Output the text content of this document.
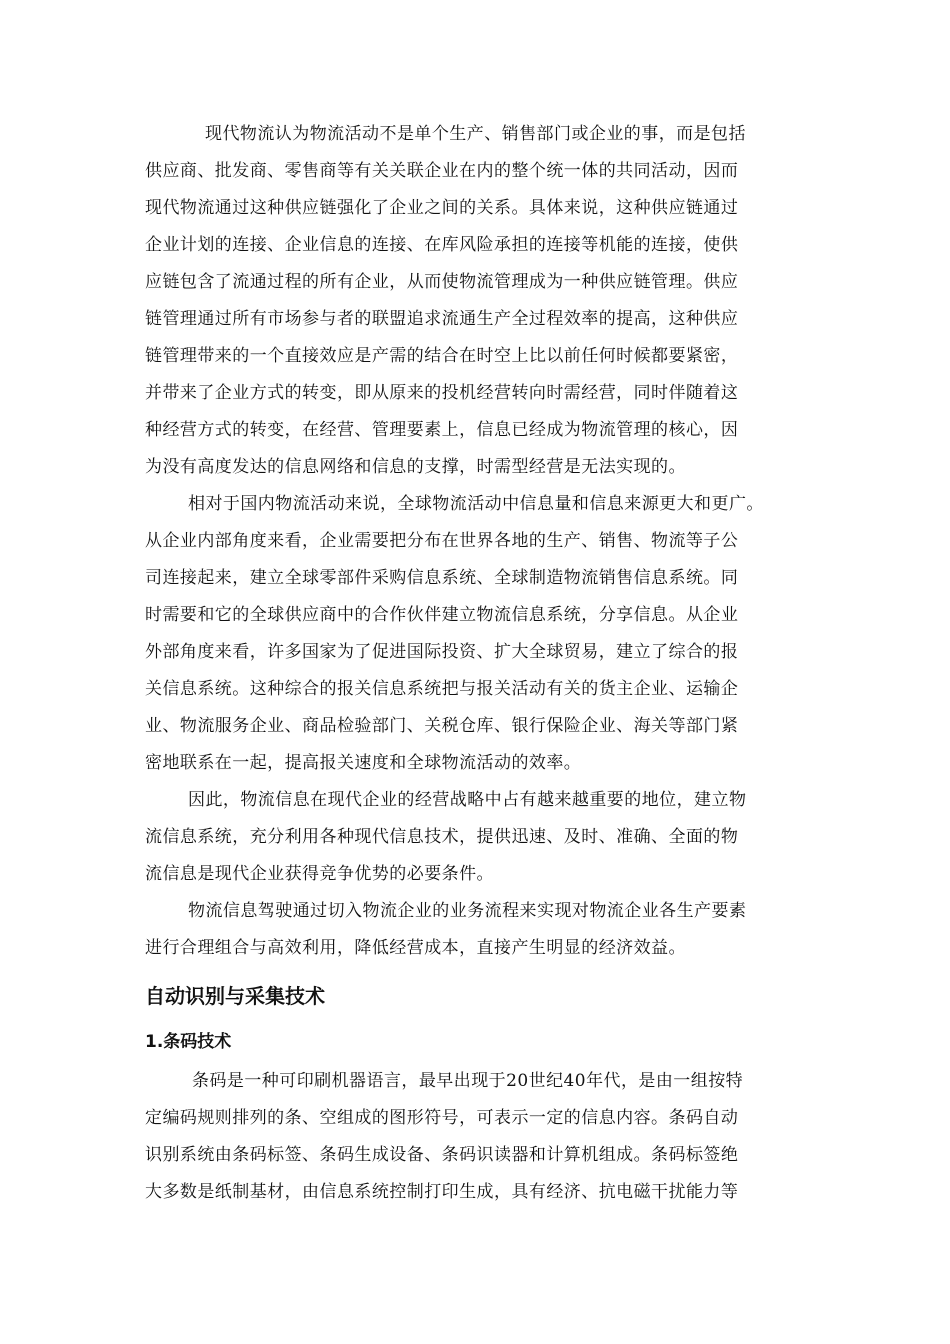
现代物流认为物流活动不是单个生产、销售部门或企业的事，而是包括
供应商、批发商、零售商等有关关联企业在内的整个统一体的共同活动，因而
现代物流通过这种供应链强化了企业之间的关系。具体来说，这种供应链通过
企业计划的连接、企业信息的连接、在库风险承担的连接等机能的连接，使供
应链包含了流通过程的所有企业，从而使物流管理成为一种供应链管理。供应
链管理通过所有市场参与者的联盟追求流通生产全过程效率的提高，这种供应
链管理带来的一个直接效应是产需的结合在时空上比以前任何时候都要紧密，
并带来了企业方式的转变，即从原来的投机经营转向时需经营，同时伴随着这
种经营方式的转变，在经营、管理要素上，信息已经成为物流管理的核心，因
为没有高度发达的信息网络和信息的支撑，时需型经营是无法实现的。
相对于国内物流活动来说，全球物流活动中信息量和信息来源更大和更广。
从企业内部角度来看，企业需要把分布在世界各地的生产、销售、物流等子公
司连接起来，建立全球零部件采购信息系统、全球制造物流销售信息系统。同
时需要和它的全球供应商中的合作伙伴建立物流信息系统，分享信息。从企业
外部角度来看，许多国家为了促进国际投资、扩大全球贸易，建立了综合的报
关信息系统。这种综合的报关信息系统把与报关活动有关的货主企业、运输企
业、物流服务企业、商品检验部门、关税仓库、银行保险企业、海关等部门紧
密地联系在一起，提高报关速度和全球物流活动的效率。
因此，物流信息在现代企业的经营战略中占有越来越重要的地位，建立物
流信息系统，充分利用各种现代信息技术，提供迅速、及时、准确、全面的物
流信息是现代企业获得竞争优势的必要条件。
物流信息驾驶通过切入物流企业的业务流程来实现对物流企业各生产要素
进行合理组合与高效利用，降低经营成本，直接产生明显的经济效益。
自动识别与采集技术
1.条码技术
条码是一种可印刷机器语言，最早出现于20世纪40年代，是由一组按特
定编码规则排列的条、空组成的图形符号，可表示一定的信息内容。条码自动
识别系统由条码标签、条码生成设备、条码识读器和计算机组成。条码标签绝
大多数是纸制基材，由信息系统控制打印生成，具有经济、抗电磁干扰能力等
